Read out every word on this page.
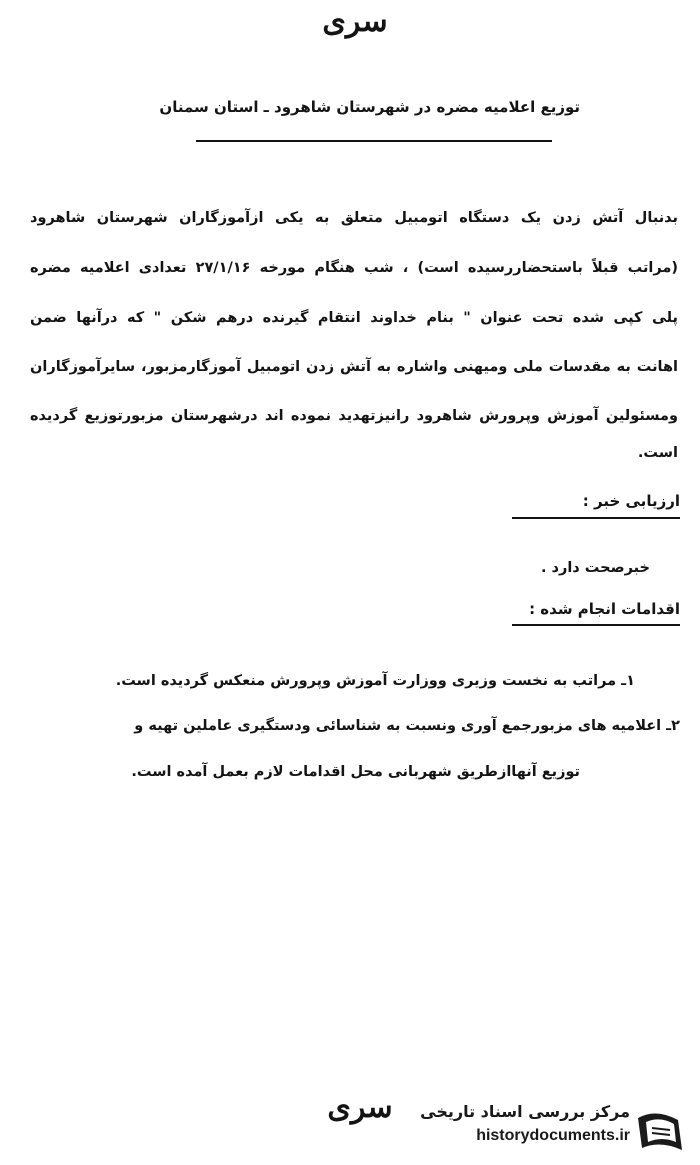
سری
توزیع اعلامیه مضره در شهرستان شاهرود ـ استان سمنان
بدنبال آتش زدن یک دستگاه اتومبیل متعلق به یکی ازآموزگاران شهرستان شاهرود
(مراتب قبلاً باستحضاررسیده است) ، شب هنگام مورخه ۲۷/۱/۱۶ تعدادی اعلامیه مضره
پلی کپی شده تحت عنوان " بنام خداوند انتقام گیرنده درهم شکن " که درآنها ضمن
اهانت به مقدسات ملی ومیهنی واشاره به آتش زدن اتومبیل آموزگارمزبور، سایرآموزگاران
ومسئولین آموزش وپرورش شاهرود رانیزتهدید نموده اند درشهرستان مزبورتوزیع گردیده
است.
ارزیابی خبر :
خبرصحت دارد .
اقدامات انجام شده :
۱ـ مراتب به نخست وزیری ووزارت آموزش وپرورش منعکس گردیده است.
۲ـ اعلامیه های مزبورجمع آوری ونسبت به شناسائی ودستگیری عاملین تهیه و
توزیع آنهاازطریق شهربانی محل اقدامات لازم بعمل آمده است.
سری	مرکز بررسی اسناد تاریخی
historydocuments.ir
